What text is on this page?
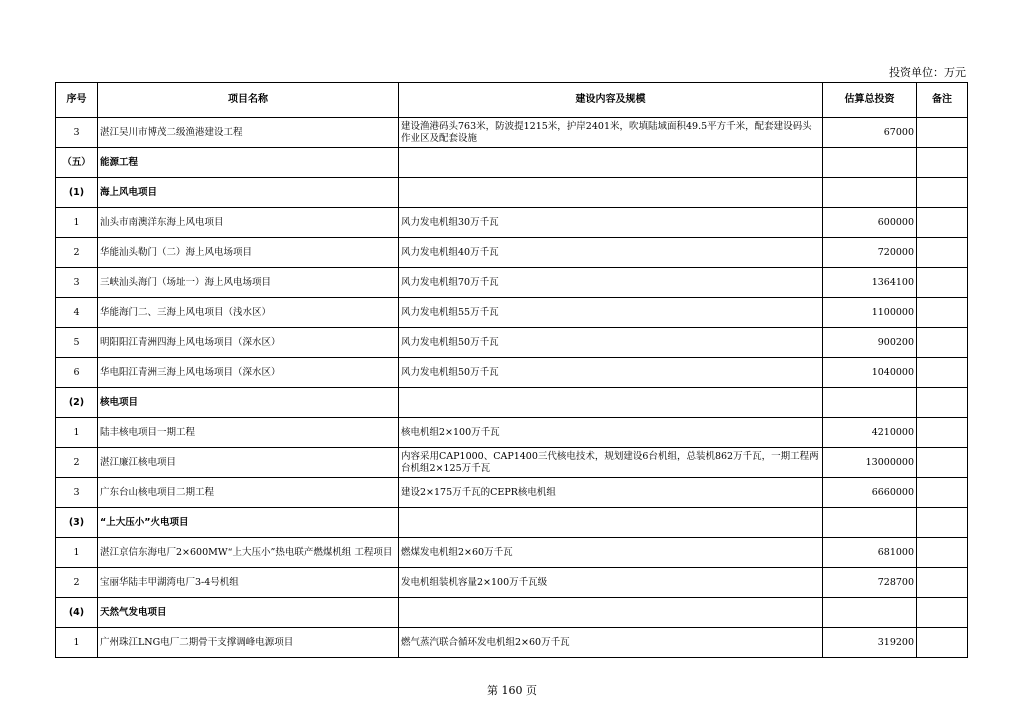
投资单位：万元
序号	项目名称	建设内容及规模	估算总投资	备注
3	湛江吴川市博茂二级渔港建设工程	建设渔港码头763米，防波提1215米，护岸2401米，吹填陆域面积49.5平方千米，配套建设码头作业区及配套设施	67000	
（五）	能源工程			
(1)	海上风电项目			
1	汕头市南澳洋东海上风电项目	风力发电机组30万千瓦	600000	
2	华能汕头勒门（二）海上风电场项目	风力发电机组40万千瓦	720000	
3	三峡汕头海门（场址一）海上风电场项目	风力发电机组70万千瓦	1364100	
4	华能海门二、三海上风电项目（浅水区）	风力发电机组55万千瓦	1100000	
5	明阳阳江青洲四海上风电场项目（深水区）	风力发电机组50万千瓦	900200	
6	华电阳江青洲三海上风电场项目（深水区）	风力发电机组50万千瓦	1040000	
(2)	核电项目			
1	陆丰核电项目一期工程	核电机组2×100万千瓦	4210000	
2	湛江廉江核电项目	内容采用CAP1000、CAP1400三代核电技术，规划建设6台机组，总装机862万千瓦，一期工程两台机组2×125万千瓦	13000000	
3	广东台山核电项目二期工程	建设2×175万千瓦的CEPR核电机组	6660000	
(3)	“上大压小”火电项目			
1	湛江京信东海电厂2×600MW“上大压小”热电联产燃煤机组 工程项目	燃煤发电机组2×60万千瓦	681000	
2	宝丽华陆丰甲湖湾电厂3-4号机组	发电机组装机容量2×100万千瓦级	728700	
(4)	天然气发电项目			
1	广州珠江LNG电厂二期骨干支撑调峰电源项目	燃气蒸汽联合循环发电机组2×60万千瓦	319200	
第 160 页
